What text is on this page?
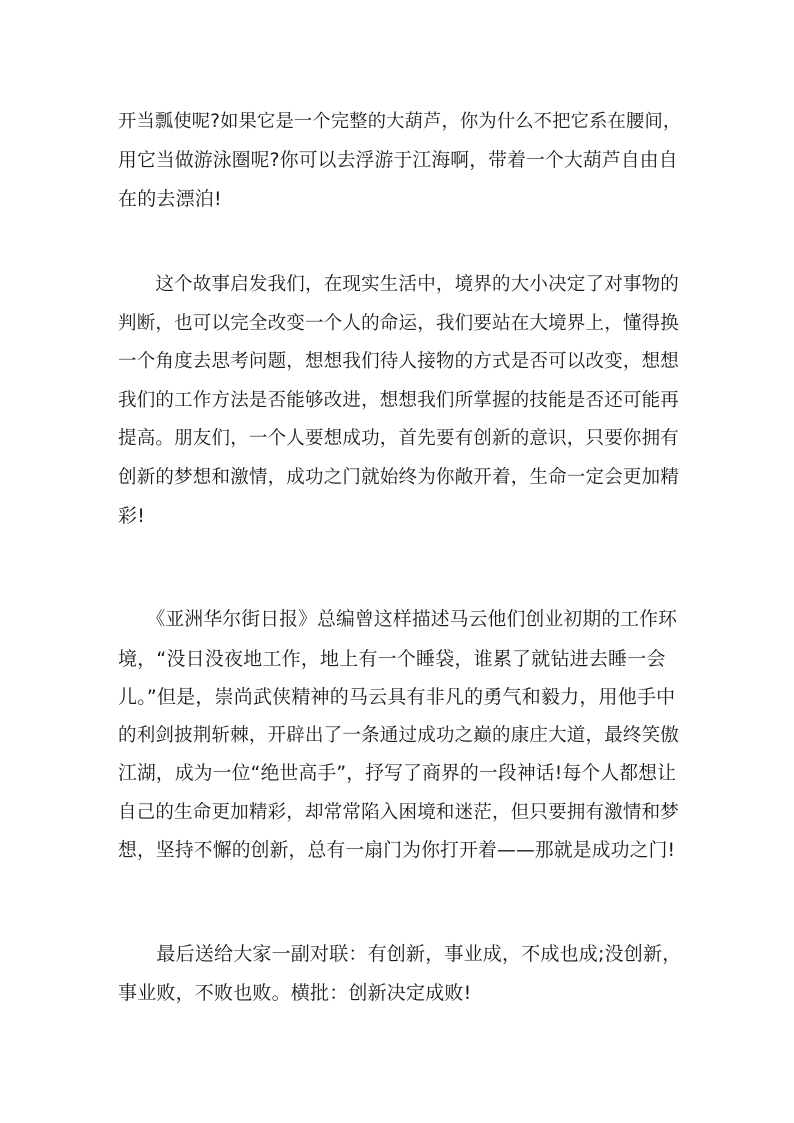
开当瓢使呢?如果它是一个完整的大葫芦，你为什么不把它系在腰间，
用它当做游泳圈呢?你可以去浮游于江海啊，带着一个大葫芦自由自
在的去漂泊!
　　这个故事启发我们，在现实生活中，境界的大小决定了对事物的
判断，也可以完全改变一个人的命运，我们要站在大境界上，懂得换
一个角度去思考问题，想想我们待人接物的方式是否可以改变，想想
我们的工作方法是否能够改进，想想我们所掌握的技能是否还可能再
提高。朋友们，一个人要想成功，首先要有创新的意识，只要你拥有
创新的梦想和激情，成功之门就始终为你敞开着，生命一定会更加精
彩!
　　《亚洲华尔街日报》总编曾这样描述马云他们创业初期的工作环
境，“没日没夜地工作，地上有一个睡袋，谁累了就钻进去睡一会
儿。”但是，崇尚武侠精神的马云具有非凡的勇气和毅力，用他手中
的利剑披荆斩棘，开辟出了一条通过成功之巅的康庄大道，最终笑傲
江湖，成为一位“绝世高手”，抒写了商界的一段神话!每个人都想让
自己的生命更加精彩，却常常陷入困境和迷茫，但只要拥有激情和梦
想，坚持不懈的创新，总有一扇门为你打开着——那就是成功之门!
　　最后送给大家一副对联：有创新，事业成，不成也成;没创新，
事业败，不败也败。横批：创新决定成败!
